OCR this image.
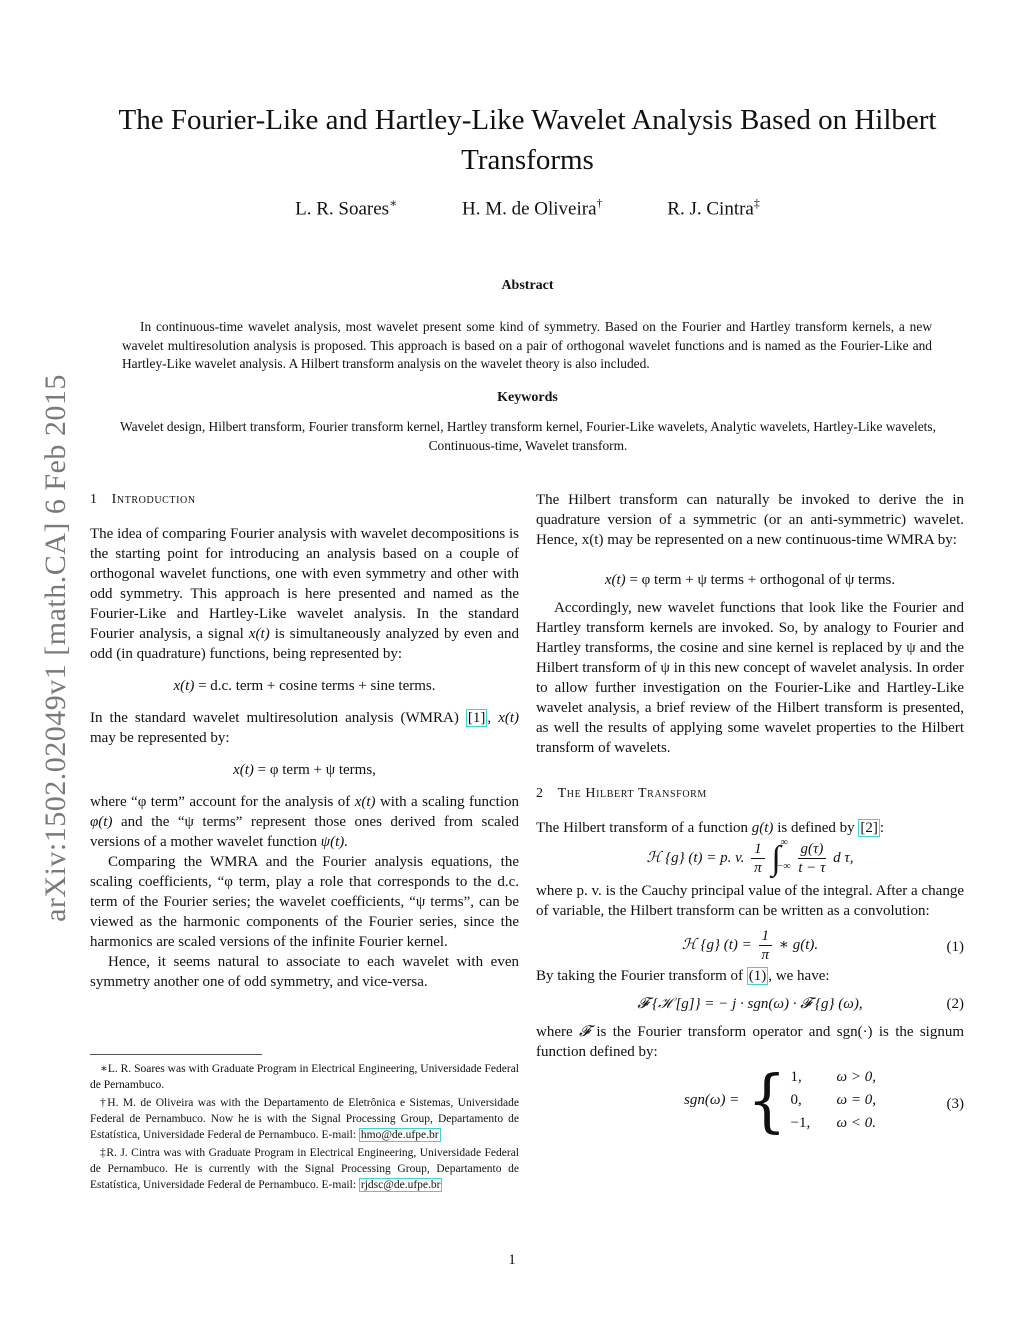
arXiv:1502.02049v1 [math.CA] 6 Feb 2015
The Fourier-Like and Hartley-Like Wavelet Analysis Based on Hilbert Transforms
L. R. Soares∗	H. M. de Oliveira†	R. J. Cintra‡
Abstract

In continuous-time wavelet analysis, most wavelet present some kind of symmetry. Based on the Fourier and Hartley transform kernels, a new wavelet multiresolution analysis is proposed. This approach is based on a pair of orthogonal wavelet functions and is named as the Fourier-Like and Hartley-Like wavelet analysis. A Hilbert transform analysis on the wavelet theory is also included.

Keywords

Wavelet design, Hilbert transform, Fourier transform kernel, Hartley transform kernel, Fourier-Like wavelets, Analytic wavelets, Hartley-Like wavelets, Continuous-time, Wavelet transform.

1 Introduction

The idea of comparing Fourier analysis with wavelet decompositions is the starting point for introducing an analysis based on a couple of orthogonal wavelet functions, one with even symmetry and other with odd symmetry. This approach is here presented and named as the Fourier-Like and Hartley-Like wavelet analysis. In the standard Fourier analysis, a signal x(t) is simultaneously analyzed by even and odd (in quadrature) functions, being represented by:

x(t) = d.c. term + cosine terms + sine terms.

In the standard wavelet multiresolution analysis (WMRA) [1] , x(t) may be represented by:

x(t) = φ term + ψ terms,

where “φ term” account for the analysis of x(t) with a scaling function φ(t) and the “ψ terms” represent those ones derived from scaled versions of a mother wavelet function ψ(t).

Comparing the WMRA and the Fourier analysis equations, the scaling coefficients, “φ term, play a role that corresponds to the d.c. term of the Fourier series; the wavelet coefficients, “ψ terms”, can be viewed as the harmonic components of the Fourier series, since the harmonics are scaled versions of the infinite Fourier kernel.

Hence, it seems natural to associate to each wavelet with even symmetry another one of odd symmetry, and vice-versa.

∗L. R. Soares was with Graduate Program in Electrical Engineering, Universidade Federal de Pernambuco.

†H. M. de Oliveira was with the Departamento de Eletrônica e Sistemas, Universidade Federal de Pernambuco. Now he is with the Signal Processing Group, Departamento de Estatística, Universidade Federal de Pernambuco. E-mail: hmo@de.ufpe.br

‡R. J. Cintra was with Graduate Program in Electrical Engineering, Universidade Federal de Pernambuco. He is currently with the Signal Processing Group, Departamento de Estatística, Universidade Federal de Pernambuco. E-mail: rjdsc@de.ufpe.br

The Hilbert transform can naturally be invoked to derive the in quadrature version of a symmetric (or an anti-symmetric) wavelet. Hence, x(t) may be represented on a new continuous-time WMRA by:

x(t) = φ term + ψ terms + orthogonal of ψ terms.

Accordingly, new wavelet functions that look like the Fourier and Hartley transform kernels are invoked. So, by analogy to Fourier and Hartley transforms, the cosine and sine kernel is replaced by ψ and the Hilbert transform of ψ in this new concept of wavelet analysis. In order to allow further investigation on the Fourier-Like and Hartley-Like wavelet analysis, a brief review of the Hilbert transform is presented, as well the results of applying some wavelet properties to the Hilbert transform of wavelets.

2 The Hilbert Transform

The Hilbert transform of a function g(t) is defined by [2] :

ℋ {g} (t) = p. v. $\frac{1}{\pi}$ ∫ ∞
−∞
$\frac{g(\tau)}{t - \tau}$ d τ,

where p. v. is the Cauchy principal value of the integral. After a change of variable, the Hilbert transform can be written as a convolution:

ℋ {g} $(t) = \frac{1}{\pi}$ ∗ g(t).	(1)

By taking the Fourier transform of (1) , we have:

𝓕 {ℋ [g]} = − j · sgn(ω) · 𝓕 {g} (ω),	(2)

where 𝓕 is the Fourier transform operator and sgn(·) is the signum function defined by:

sgn(ω) = { 1, ω > 0,
0, ω = 0,
−1, ω < 0.
(3)
1
